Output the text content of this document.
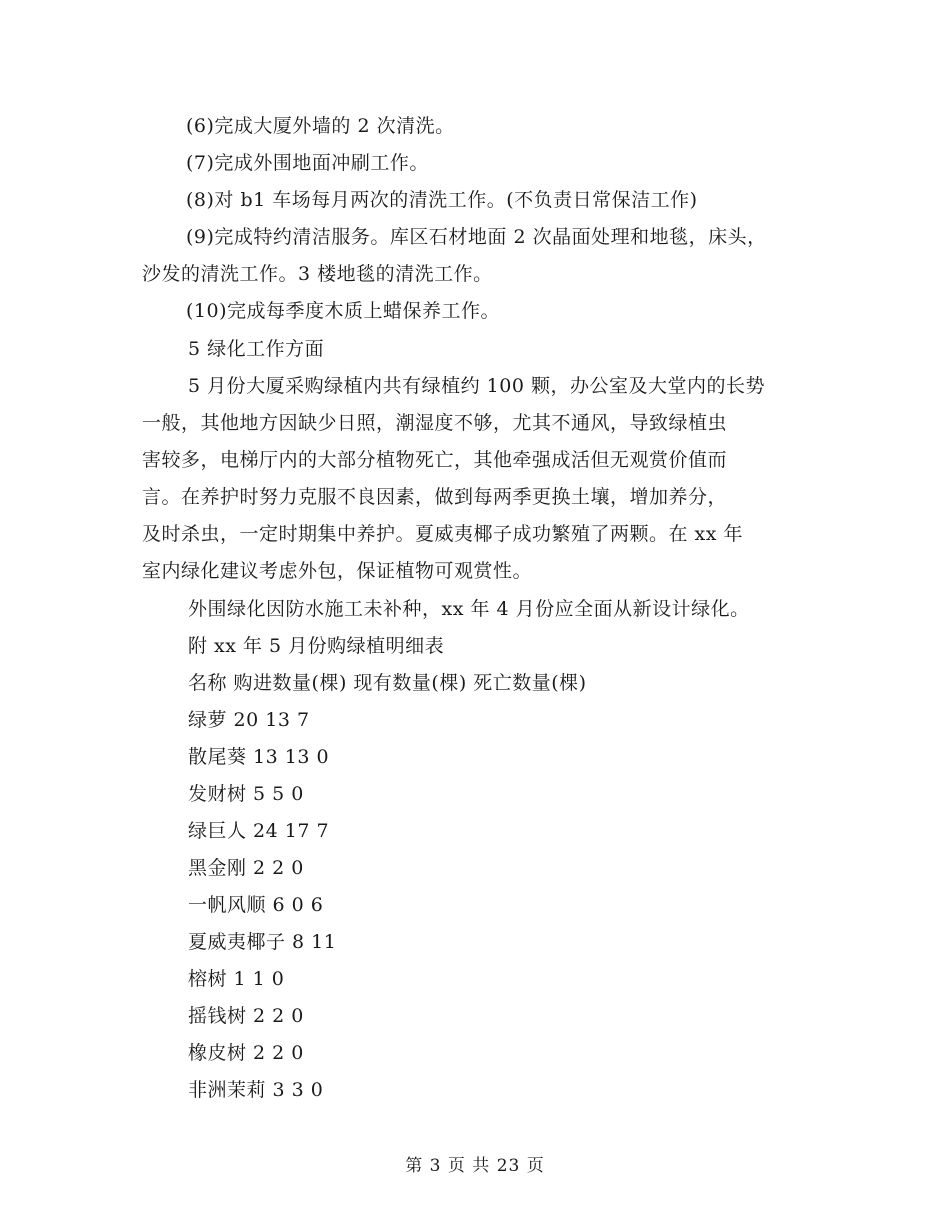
(6)完成大厦外墙的 2 次清洗。
(7)完成外围地面冲刷工作。
(8)对 b1 车场每月两次的清洗工作。(不负责日常保洁工作)
(9)完成特约清洁服务。库区石材地面 2 次晶面处理和地毯，床头，
沙发的清洗工作。3 楼地毯的清洗工作。
(10)完成每季度木质上蜡保养工作。
5 绿化工作方面
5 月份大厦采购绿植内共有绿植约 100 颗，办公室及大堂内的长势
一般，其他地方因缺少日照，潮湿度不够，尤其不通风，导致绿植虫
害较多，电梯厅内的大部分植物死亡，其他牵强成活但无观赏价值而
言。在养护时努力克服不良因素，做到每两季更换土壤，增加养分，
及时杀虫，一定时期集中养护。夏威夷椰子成功繁殖了两颗。在 xx 年
室内绿化建议考虑外包，保证植物可观赏性。
外围绿化因防水施工未补种，xx 年 4 月份应全面从新设计绿化。
附 xx 年 5 月份购绿植明细表
名称 购进数量(棵) 现有数量(棵) 死亡数量(棵)
绿萝 20 13 7
散尾葵 13 13 0
发财树 5 5 0
绿巨人 24 17 7
黑金刚 2 2 0
一帆风顺 6 0 6
夏威夷椰子 8 11
榕树 1 1 0
摇钱树 2 2 0
橡皮树 2 2 0
非洲茉莉 3 3 0
第 3 页 共 23 页
